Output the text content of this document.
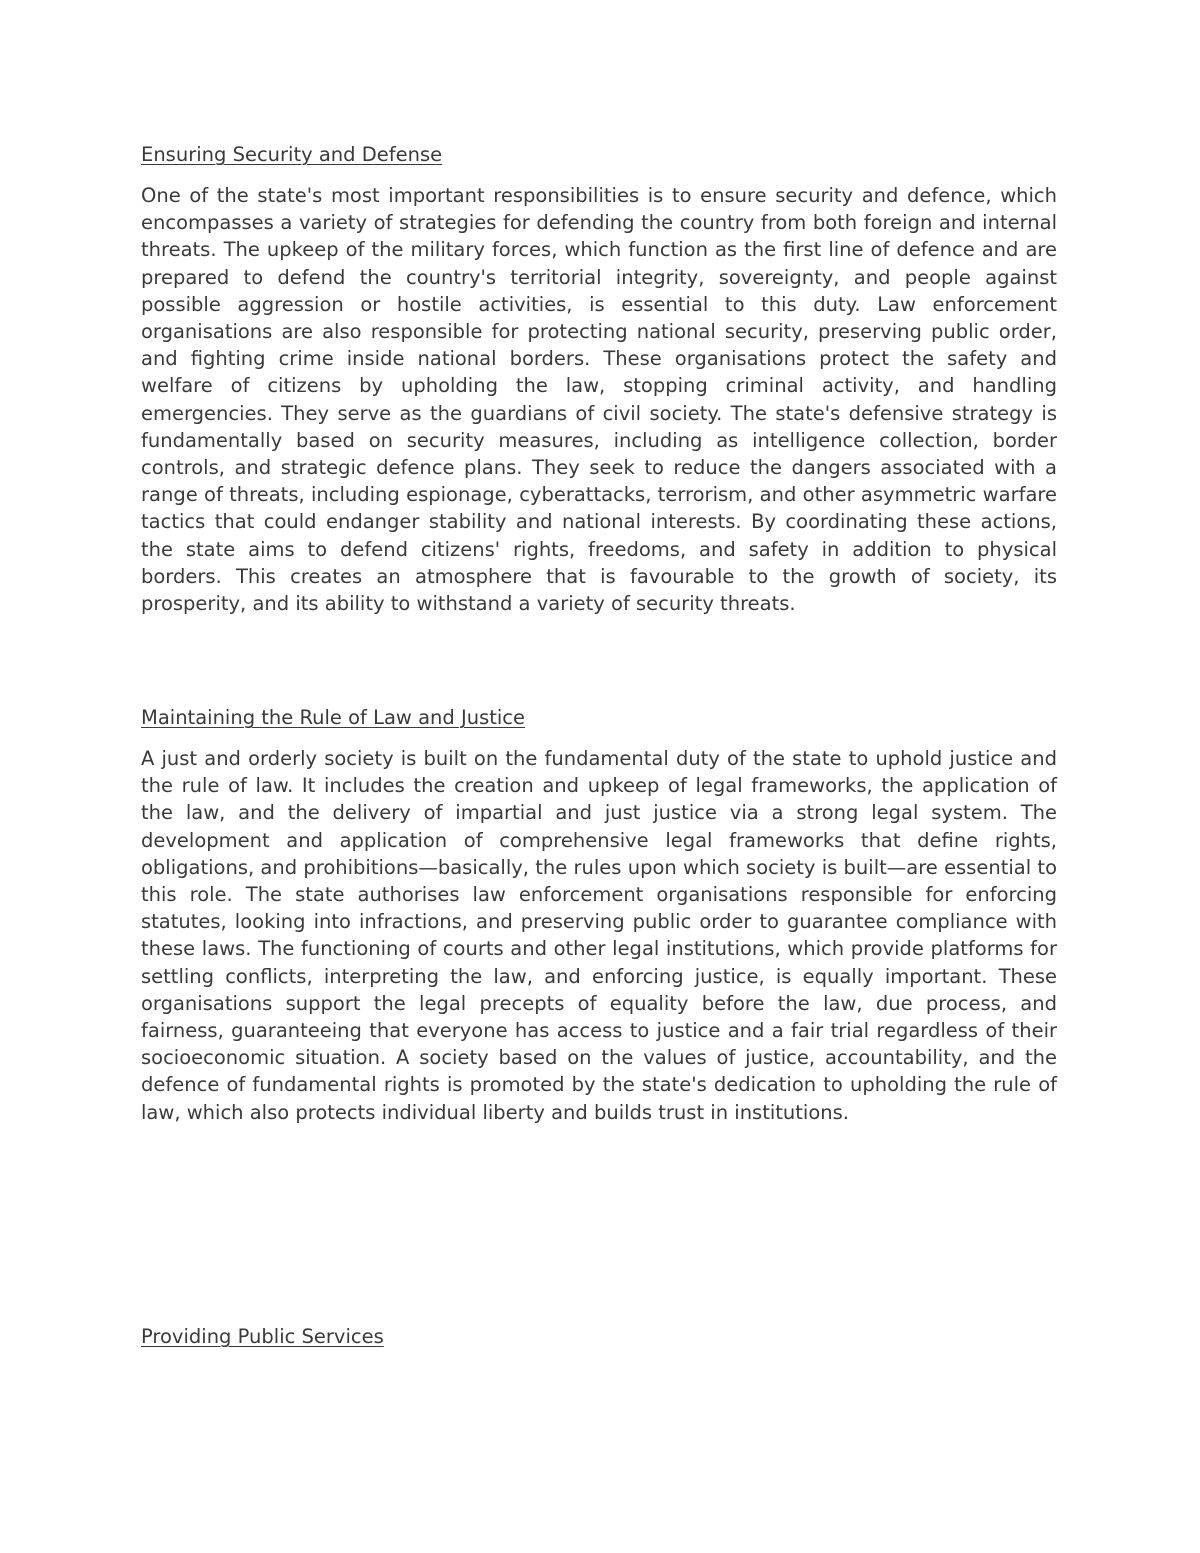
Ensuring Security and Defense

One of the state's most important responsibilities is to ensure security and defence, which encompasses a variety of strategies for defending the country from both foreign and internal threats. The upkeep of the military forces, which function as the first line of defence and are prepared to defend the country's territorial integrity, sovereignty, and people against possible aggression or hostile activities, is essential to this duty. Law enforcement organisations are also responsible for protecting national security, preserving public order, and fighting crime inside national borders. These organisations protect the safety and welfare of citizens by upholding the law, stopping criminal activity, and handling emergencies. They serve as the guardians of civil society. The state's defensive strategy is fundamentally based on security measures, including as intelligence collection, border controls, and strategic defence plans. They seek to reduce the dangers associated with a range of threats, including espionage, cyberattacks, terrorism, and other asymmetric warfare tactics that could endanger stability and national interests. By coordinating these actions, the state aims to defend citizens' rights, freedoms, and safety in addition to physical borders. This creates an atmosphere that is favourable to the growth of society, its prosperity, and its ability to withstand a variety of security threats.

Maintaining the Rule of Law and Justice

A just and orderly society is built on the fundamental duty of the state to uphold justice and the rule of law. It includes the creation and upkeep of legal frameworks, the application of the law, and the delivery of impartial and just justice via a strong legal system. The development and application of comprehensive legal frameworks that define rights, obligations, and prohibitions—basically, the rules upon which society is built—are essential to this role. The state authorises law enforcement organisations responsible for enforcing statutes, looking into infractions, and preserving public order to guarantee compliance with these laws. The functioning of courts and other legal institutions, which provide platforms for settling conflicts, interpreting the law, and enforcing justice, is equally important. These organisations support the legal precepts of equality before the law, due process, and fairness, guaranteeing that everyone has access to justice and a fair trial regardless of their socioeconomic situation. A society based on the values of justice, accountability, and the defence of fundamental rights is promoted by the state's dedication to upholding the rule of law, which also protects individual liberty and builds trust in institutions.

Providing Public Services
